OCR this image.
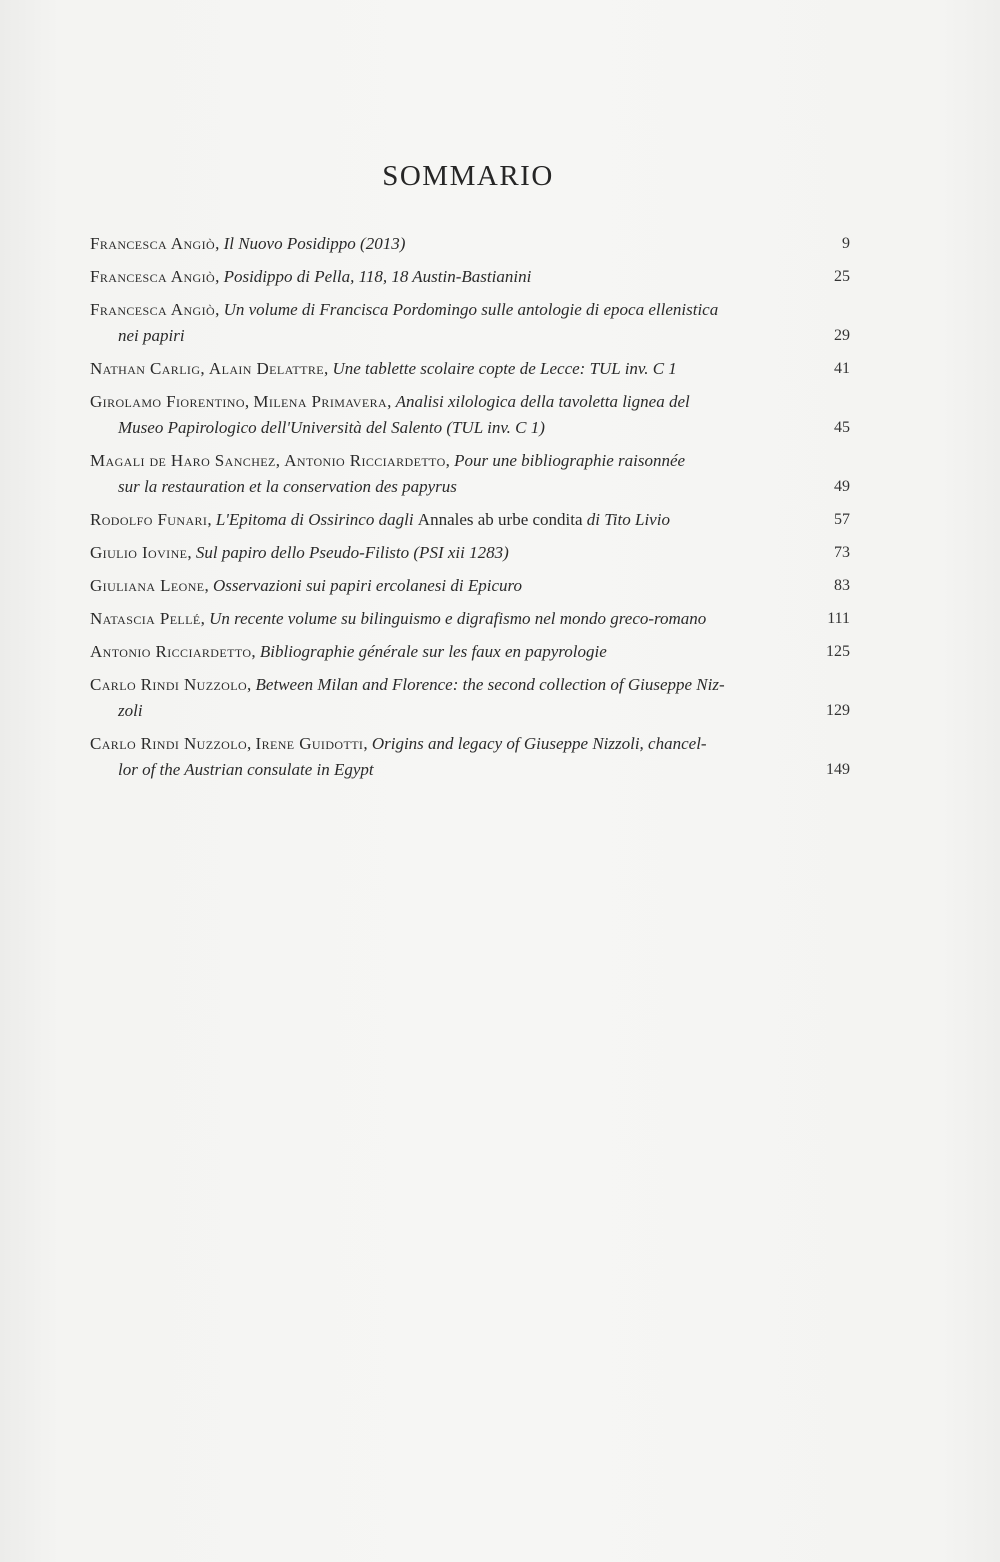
SOMMARIO
Francesca Angiò, Il Nuovo Posidippo (2013)	9
Francesca Angiò, Posidippo di Pella, 118, 18 Austin-Bastianini	25
Francesca Angiò, Un volume di Francisca Pordomingo sulle antologie di epoca ellenistica
nei papiri	29
Nathan Carlig, Alain Delattre, Une tablette scolaire copte de Lecce: TUL inv. C 1	41
Girolamo Fiorentino, Milena Primavera, Analisi xilologica della tavoletta lignea del
Museo Papirologico dell'Università del Salento (TUL inv. C 1)	45
Magali de Haro Sanchez, Antonio Ricciardetto, Pour une bibliographie raisonnée
sur la restauration et la conservation des papyrus	49
Rodolfo Funari, L'Epitoma di Ossirinco dagli Annales ab urbe condita di Tito Livio	57
Giulio Iovine, Sul papiro dello Pseudo-Filisto (PSI xii 1283)	73
Giuliana Leone, Osservazioni sui papiri ercolanesi di Epicuro	83
Natascia Pellé, Un recente volume su bilinguismo e digrafismo nel mondo greco-romano	111
Antonio Ricciardetto, Bibliographie générale sur les faux en papyrologie	125
Carlo Rindi Nuzzolo, Between Milan and Florence: the second collection of Giuseppe Niz-
zoli	129
Carlo Rindi Nuzzolo, Irene Guidotti, Origins and legacy of Giuseppe Nizzoli, chancel-
lor of the Austrian consulate in Egypt	149
